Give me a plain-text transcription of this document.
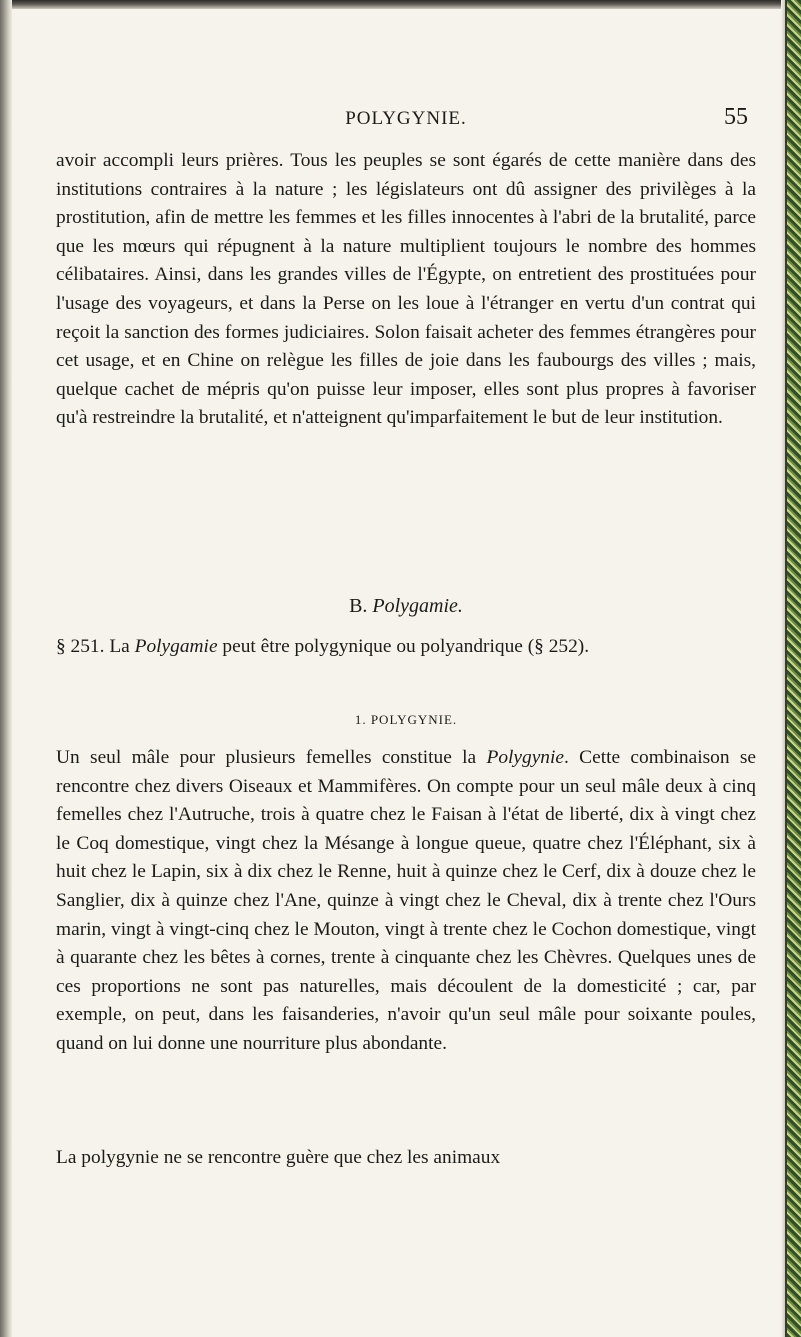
POLYGYNIE.	55

avoir accompli leurs prières. Tous les peuples se sont égarés de cette manière dans des institutions contraires à la nature ; les législateurs ont dû assigner des privilèges à la prostitution, afin de mettre les femmes et les filles innocentes à l'abri de la brutalité, parce que les mœurs qui répugnent à la nature multiplient toujours le nombre des hommes célibataires. Ainsi, dans les grandes villes de l'Égypte, on entretient des prostituées pour l'usage des voyageurs, et dans la Perse on les loue à l'étranger en vertu d'un contrat qui reçoit la sanction des formes judiciaires. Solon faisait acheter des femmes étrangères pour cet usage, et en Chine on relègue les filles de joie dans les faubourgs des villes ; mais, quelque cachet de mépris qu'on puisse leur imposer, elles sont plus propres à favoriser qu'à restreindre la brutalité, et n'atteignent qu'imparfaitement le but de leur institution.

B. Polygamie.

§ 251. La Polygamie peut être polygynique ou polyandrique (§ 252).

1. POLYGYNIE.

Un seul mâle pour plusieurs femelles constitue la Polygynie. Cette combinaison se rencontre chez divers Oiseaux et Mammifères. On compte pour un seul mâle deux à cinq femelles chez l'Autruche, trois à quatre chez le Faisan à l'état de liberté, dix à vingt chez le Coq domestique, vingt chez la Mésange à longue queue, quatre chez l'Éléphant, six à huit chez le Lapin, six à dix chez le Renne, huit à quinze chez le Cerf, dix à douze chez le Sanglier, dix à quinze chez l'Ane, quinze à vingt chez le Cheval, dix à trente chez l'Ours marin, vingt à vingt-cinq chez le Mouton, vingt à trente chez le Cochon domestique, vingt à quarante chez les bêtes à cornes, trente à cinquante chez les Chèvres. Quelques unes de ces proportions ne sont pas naturelles, mais découlent de la domesticité ; car, par exemple, on peut, dans les faisanderies, n'avoir qu'un seul mâle pour soixante poules, quand on lui donne une nourriture plus abondante.

La polygynie ne se rencontre guère que chez les animaux
